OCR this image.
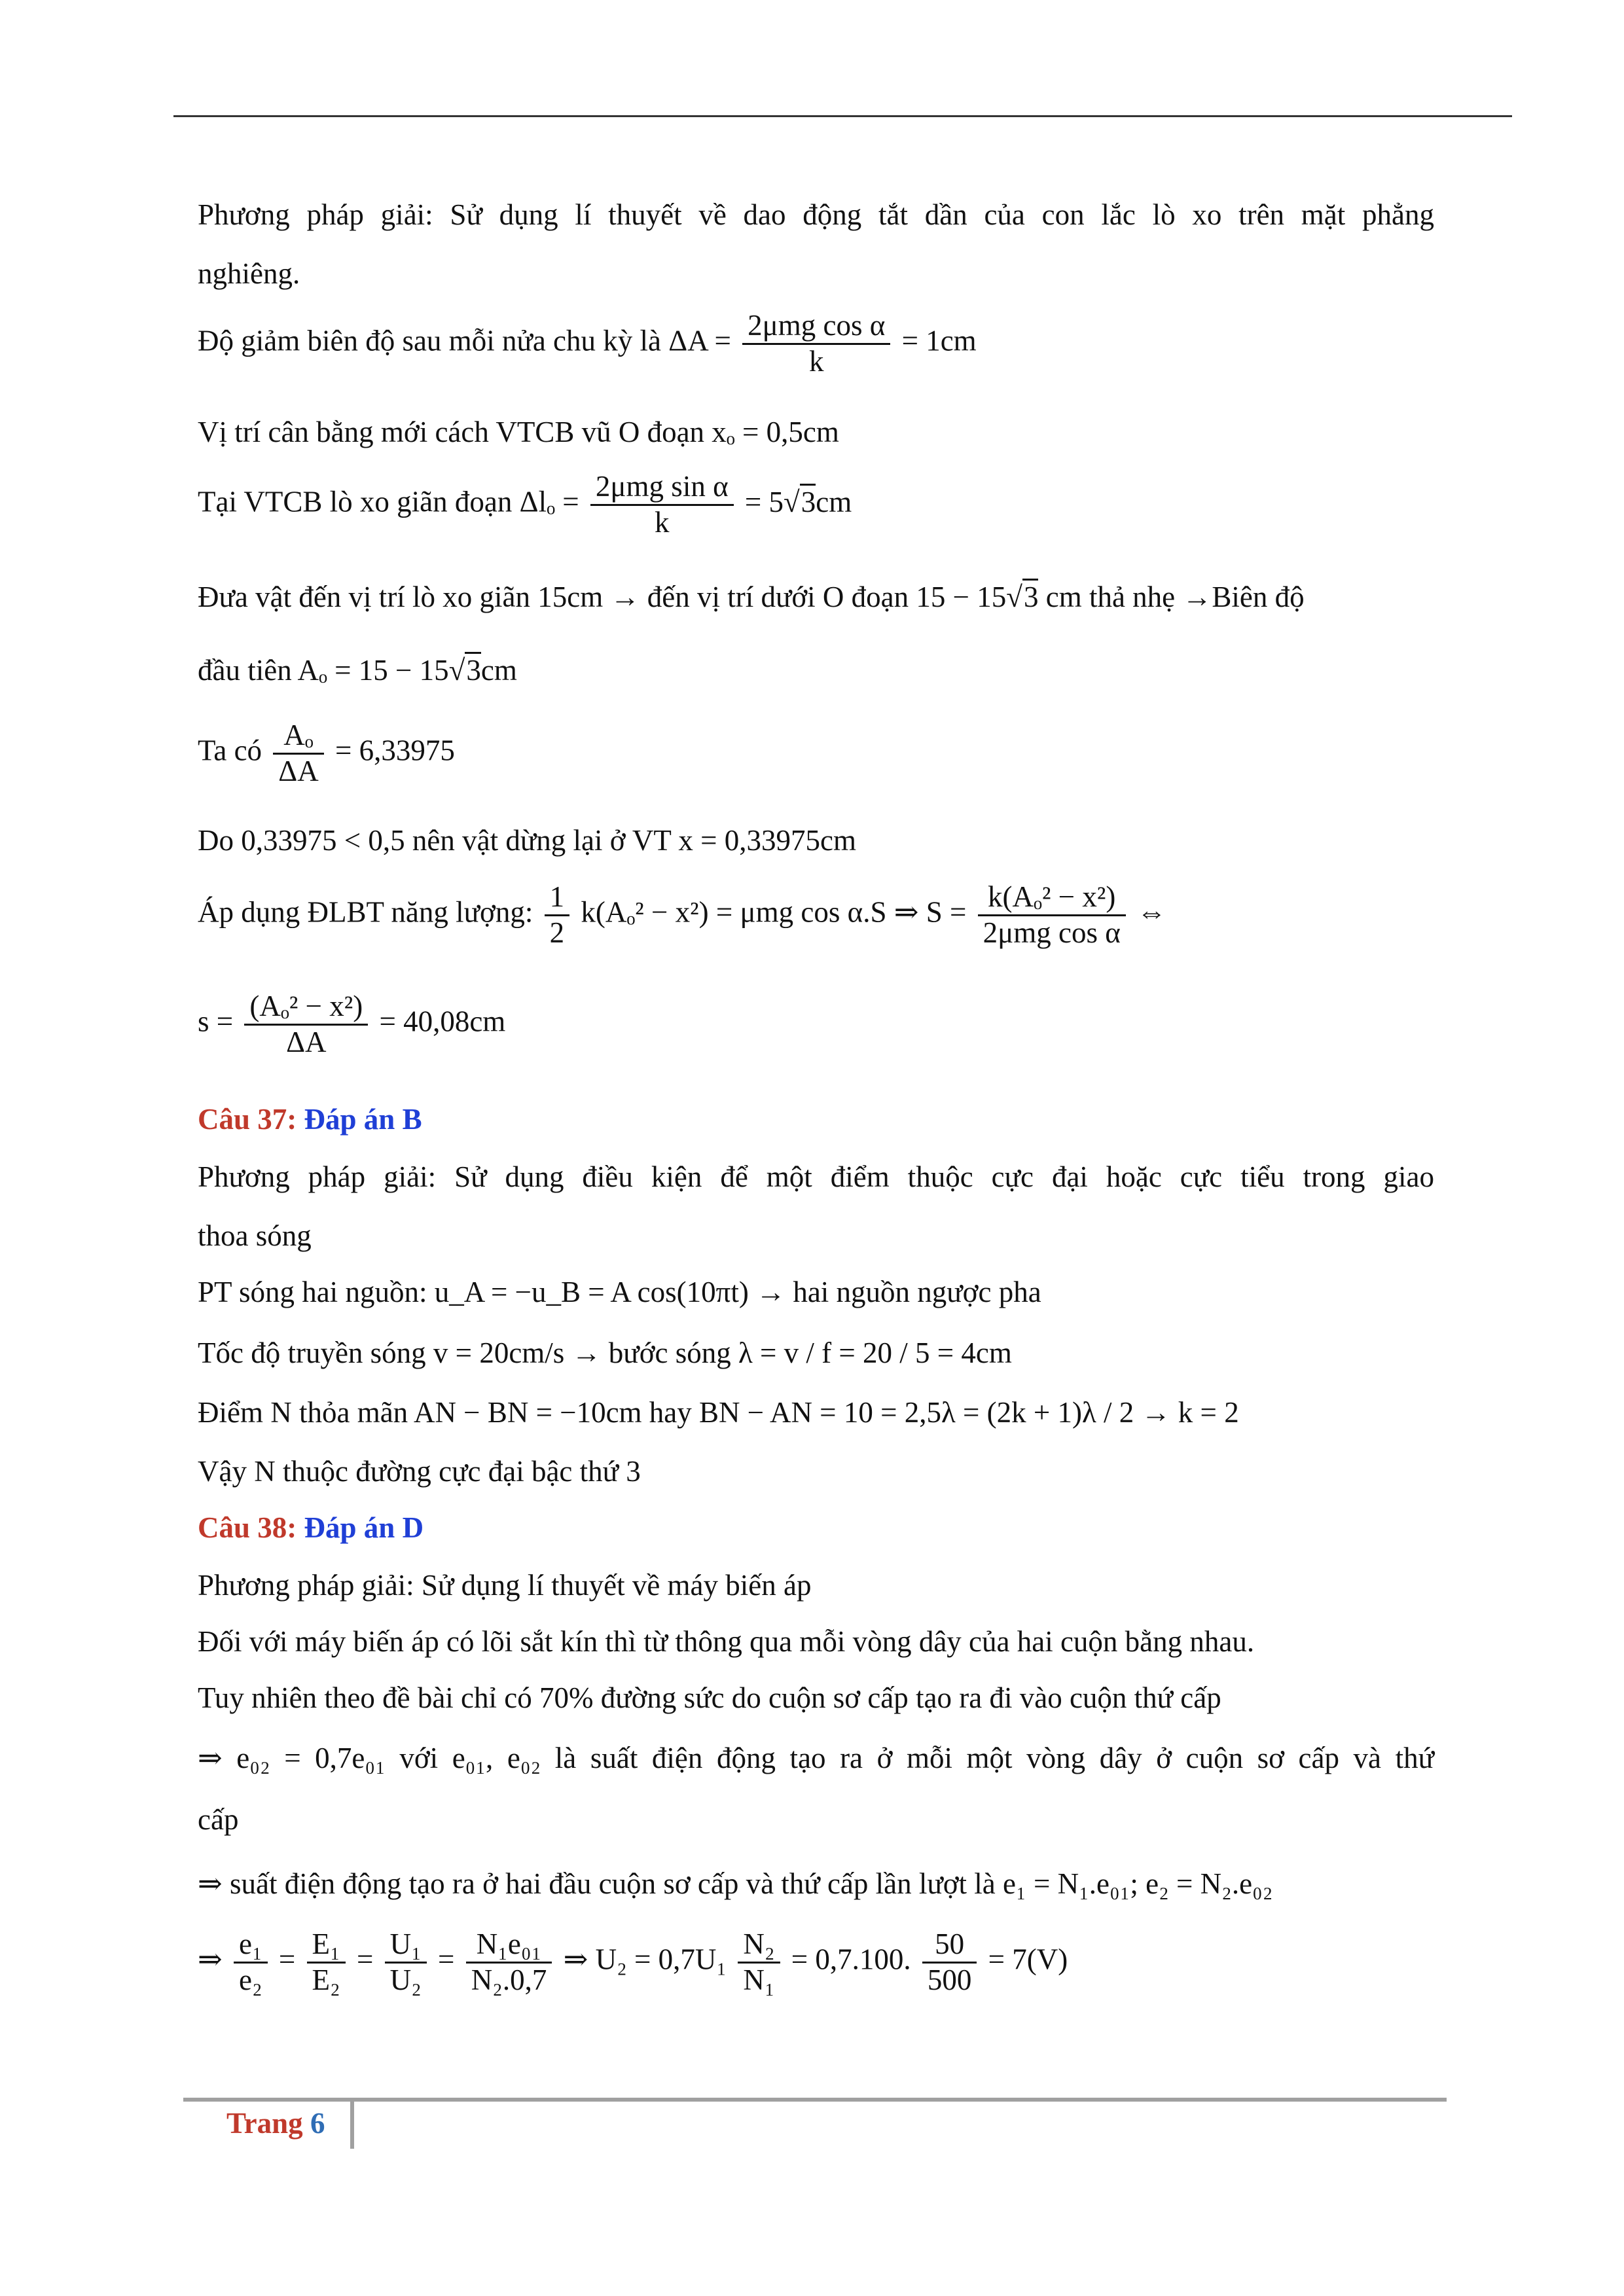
Phương pháp giải: Sử dụng lí thuyết về dao động tắt dần của con lắc lò xo trên mặt phẳng
nghiêng.
Độ giảm biên độ sau mỗi nửa chu kỳ là $\Delta A = \frac{\text{2μmg cos α}}{k} = 1cm$
Vị trí cân bằng mới cách VTCB vũ O đoạn xₒ = 0,5cm
Tại VTCB lò xo giãn đoạn $\Delta l_o = \frac{\text{2μmg sin α}}{k} = 5√3cm$
Đưa vật đến vị trí lò xo giãn 15cm → đến vị trí dưới O đoạn 15 − 15√3 cm thả nhẹ →Biên độ
đầu tiên Aₒ = 15 − 15√3cm
Ta có $\frac{\text{Aₒ}}{\Delta A} = 6,33975$
Do 0,33975 < 0,5 nên vật dừng lại ở VT x = 0,33975cm
Áp dụng ĐLBT năng lượng: $\frac{1}{2} k(A_o^2 - x^2) = \mu mg$ cos α.S ⇒ $S = \frac{\text{k(Aₒ² − x²)}}{\text{2μmg cos α}}$ ⇔
$s = \frac{\text{(Aₒ² − x²)}}{\Delta A} = 40,08cm$
Câu 37: Đáp án B
Phương pháp giải: Sử dụng điều kiện để một điểm thuộc cực đại hoặc cực tiểu trong giao
thoa sóng
PT sóng hai nguồn: u_A = −u_B = A cos(10πt) → hai nguồn ngược pha
Tốc độ truyền sóng v = 20cm/s → bước sóng λ = v / f = 20 / 5 = 4cm
Điểm N thỏa mãn AN − BN = −10cm hay BN − AN = 10 = 2,5λ = (2k + 1)λ / 2 → k = 2
Vậy N thuộc đường cực đại bậc thứ 3
Câu 38: Đáp án D
Phương pháp giải: Sử dụng lí thuyết về máy biến áp
Đối với máy biến áp có lõi sắt kín thì từ thông qua mỗi vòng dây của hai cuộn bằng nhau.
Tuy nhiên theo đề bài chỉ có 70% đường sức do cuộn sơ cấp tạo ra đi vào cuộn thứ cấp
⇒ e₀₂ = 0,7e₀₁ với e₀₁, e₀₂ là suất điện động tạo ra ở mỗi một vòng dây ở cuộn sơ cấp và thứ
cấp
⇒ suất điện động tạo ra ở hai đầu cuộn sơ cấp và thứ cấp lần lượt là e₁ = N₁.e₀₁; e₂ = N₂.e₀₂
⇒ $\frac{\text{e₁}}{\text{e₂}} = \frac{\text{E₁}}{\text{E₂}} = \frac{\text{U₁}}{\text{U₂}} = \frac{\text{N₁e₀₁}}{\text{N₂.0,7}}$ ⇒ $U_2 = 0,7U_1 \frac{\text{N₂}}{\text{N₁}} = 0,7.100$. $\frac{50}{500} = 7(V)$
Trang 6
